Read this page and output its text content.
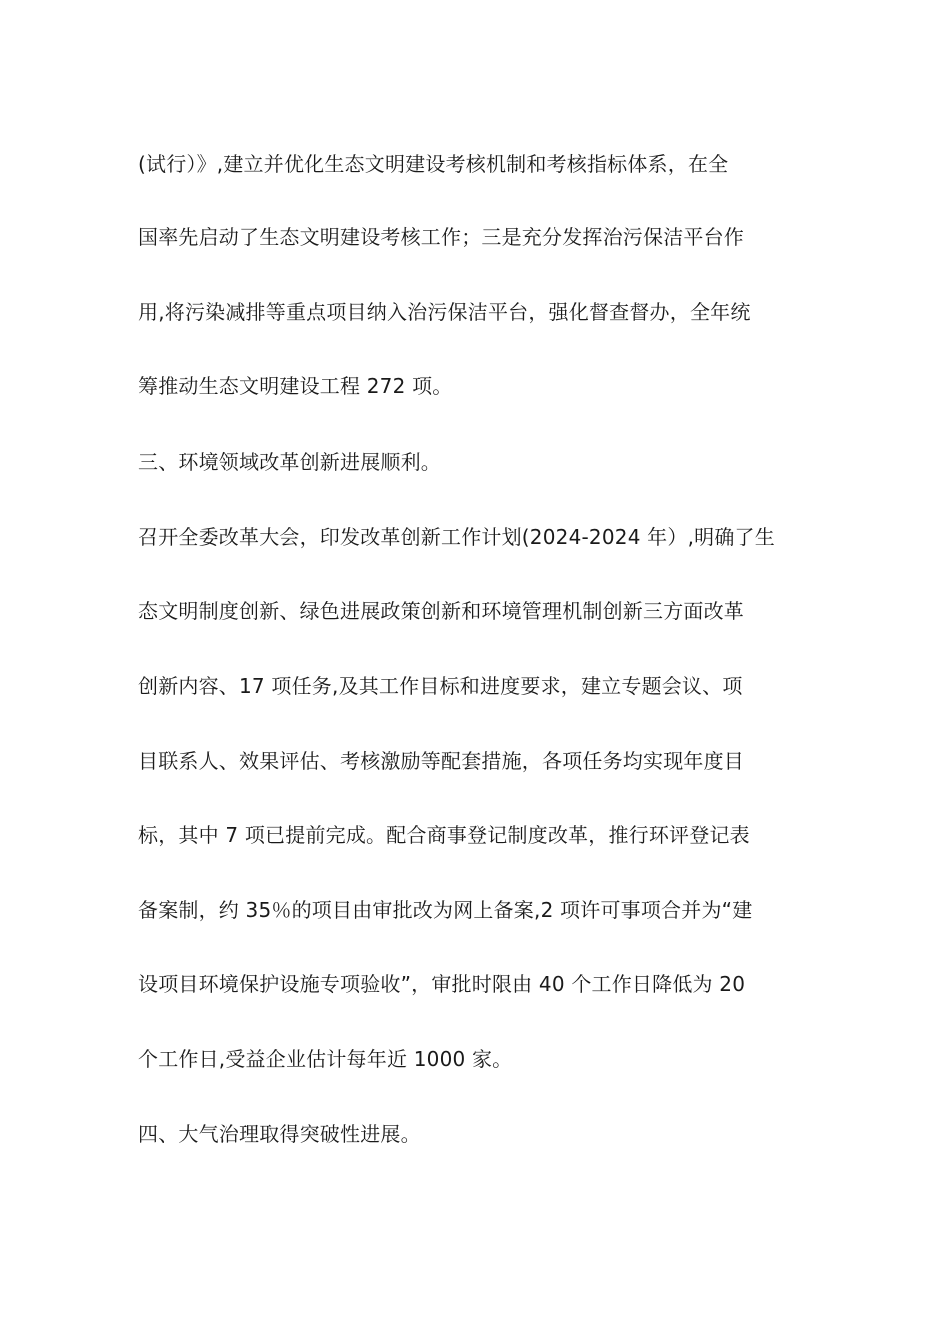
(试行）》,建立并优化生态文明建设考核机制和考核指标体系，在全
国率先启动了生态文明建设考核工作；三是充分发挥治污保洁平台作
用,将污染减排等重点项目纳入治污保洁平台，强化督查督办，全年统
筹推动生态文明建设工程 272 项。
三、环境领域改革创新进展顺利。
召开全委改革大会，印发改革创新工作计划(2024-2024 年）,明确了生
态文明制度创新、绿色进展政策创新和环境管理机制创新三方面改革
创新内容、17 项任务,及其工作目标和进度要求，建立专题会议、项
目联系人、效果评估、考核激励等配套措施，各项任务均实现年度目
标，其中 7 项已提前完成。配合商事登记制度改革，推行环评登记表
备案制，约 35％的项目由审批改为网上备案,2 项许可事项合并为“建
设项目环境保护设施专项验收”，审批时限由 40 个工作日降低为 20
个工作日,受益企业估计每年近 1000 家。
四、大气治理取得突破性进展。
